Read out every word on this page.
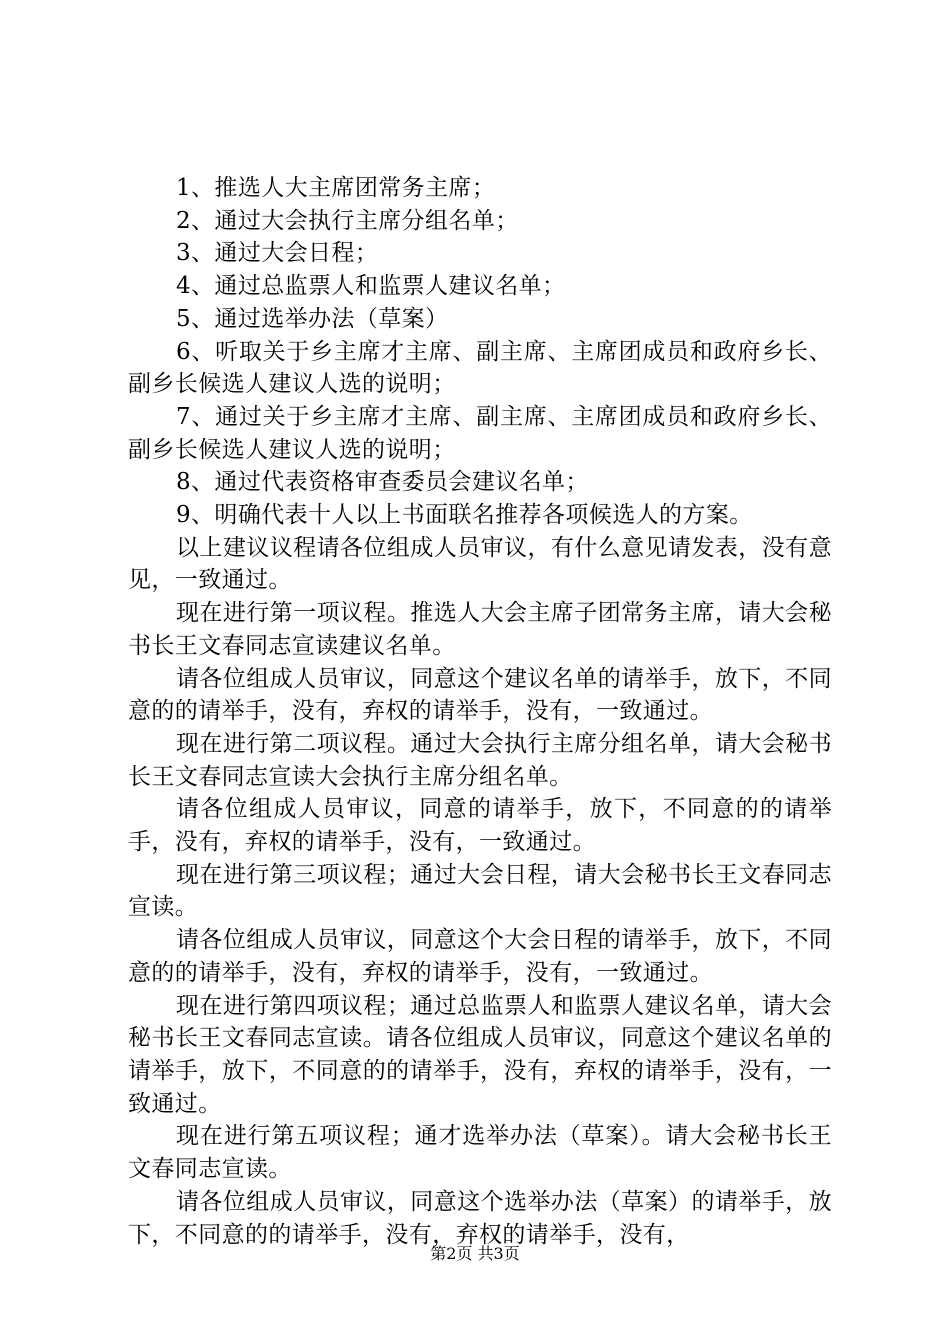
1、推选人大主席团常务主席；

2、通过大会执行主席分组名单；

3、通过大会日程；

4、通过总监票人和监票人建议名单；

5、通过选举办法（草案）

6、听取关于乡主席才主席、副主席、主席团成员和政府乡长、副乡长候选人建议人选的说明；

7、通过关于乡主席才主席、副主席、主席团成员和政府乡长、副乡长候选人建议人选的说明；

8、通过代表资格审查委员会建议名单；

9、明确代表十人以上书面联名推荐各项候选人的方案。

以上建议议程请各位组成人员审议，有什么意见请发表，没有意见，一致通过。

现在进行第一项议程。推选人大会主席子团常务主席，请大会秘书长王文春同志宣读建议名单。

请各位组成人员审议，同意这个建议名单的请举手，放下，不同意的的请举手，没有，弃权的请举手，没有，一致通过。

现在进行第二项议程。通过大会执行主席分组名单，请大会秘书长王文春同志宣读大会执行主席分组名单。

请各位组成人员审议，同意的请举手，放下，不同意的的请举手，没有，弃权的请举手，没有，一致通过。

现在进行第三项议程；通过大会日程，请大会秘书长王文春同志宣读。

请各位组成人员审议，同意这个大会日程的请举手，放下，不同意的的请举手，没有，弃权的请举手，没有，一致通过。

现在进行第四项议程；通过总监票人和监票人建议名单，请大会秘书长王文春同志宣读。请各位组成人员审议，同意这个建议名单的请举手，放下，不同意的的请举手，没有，弃权的请举手，没有，一致通过。

现在进行第五项议程；通才选举办法（草案）。请大会秘书长王文春同志宣读。

请各位组成人员审议，同意这个选举办法（草案）的请举手，放下，不同意的的请举手，没有，弃权的请举手，没有，

第2页 共3页
